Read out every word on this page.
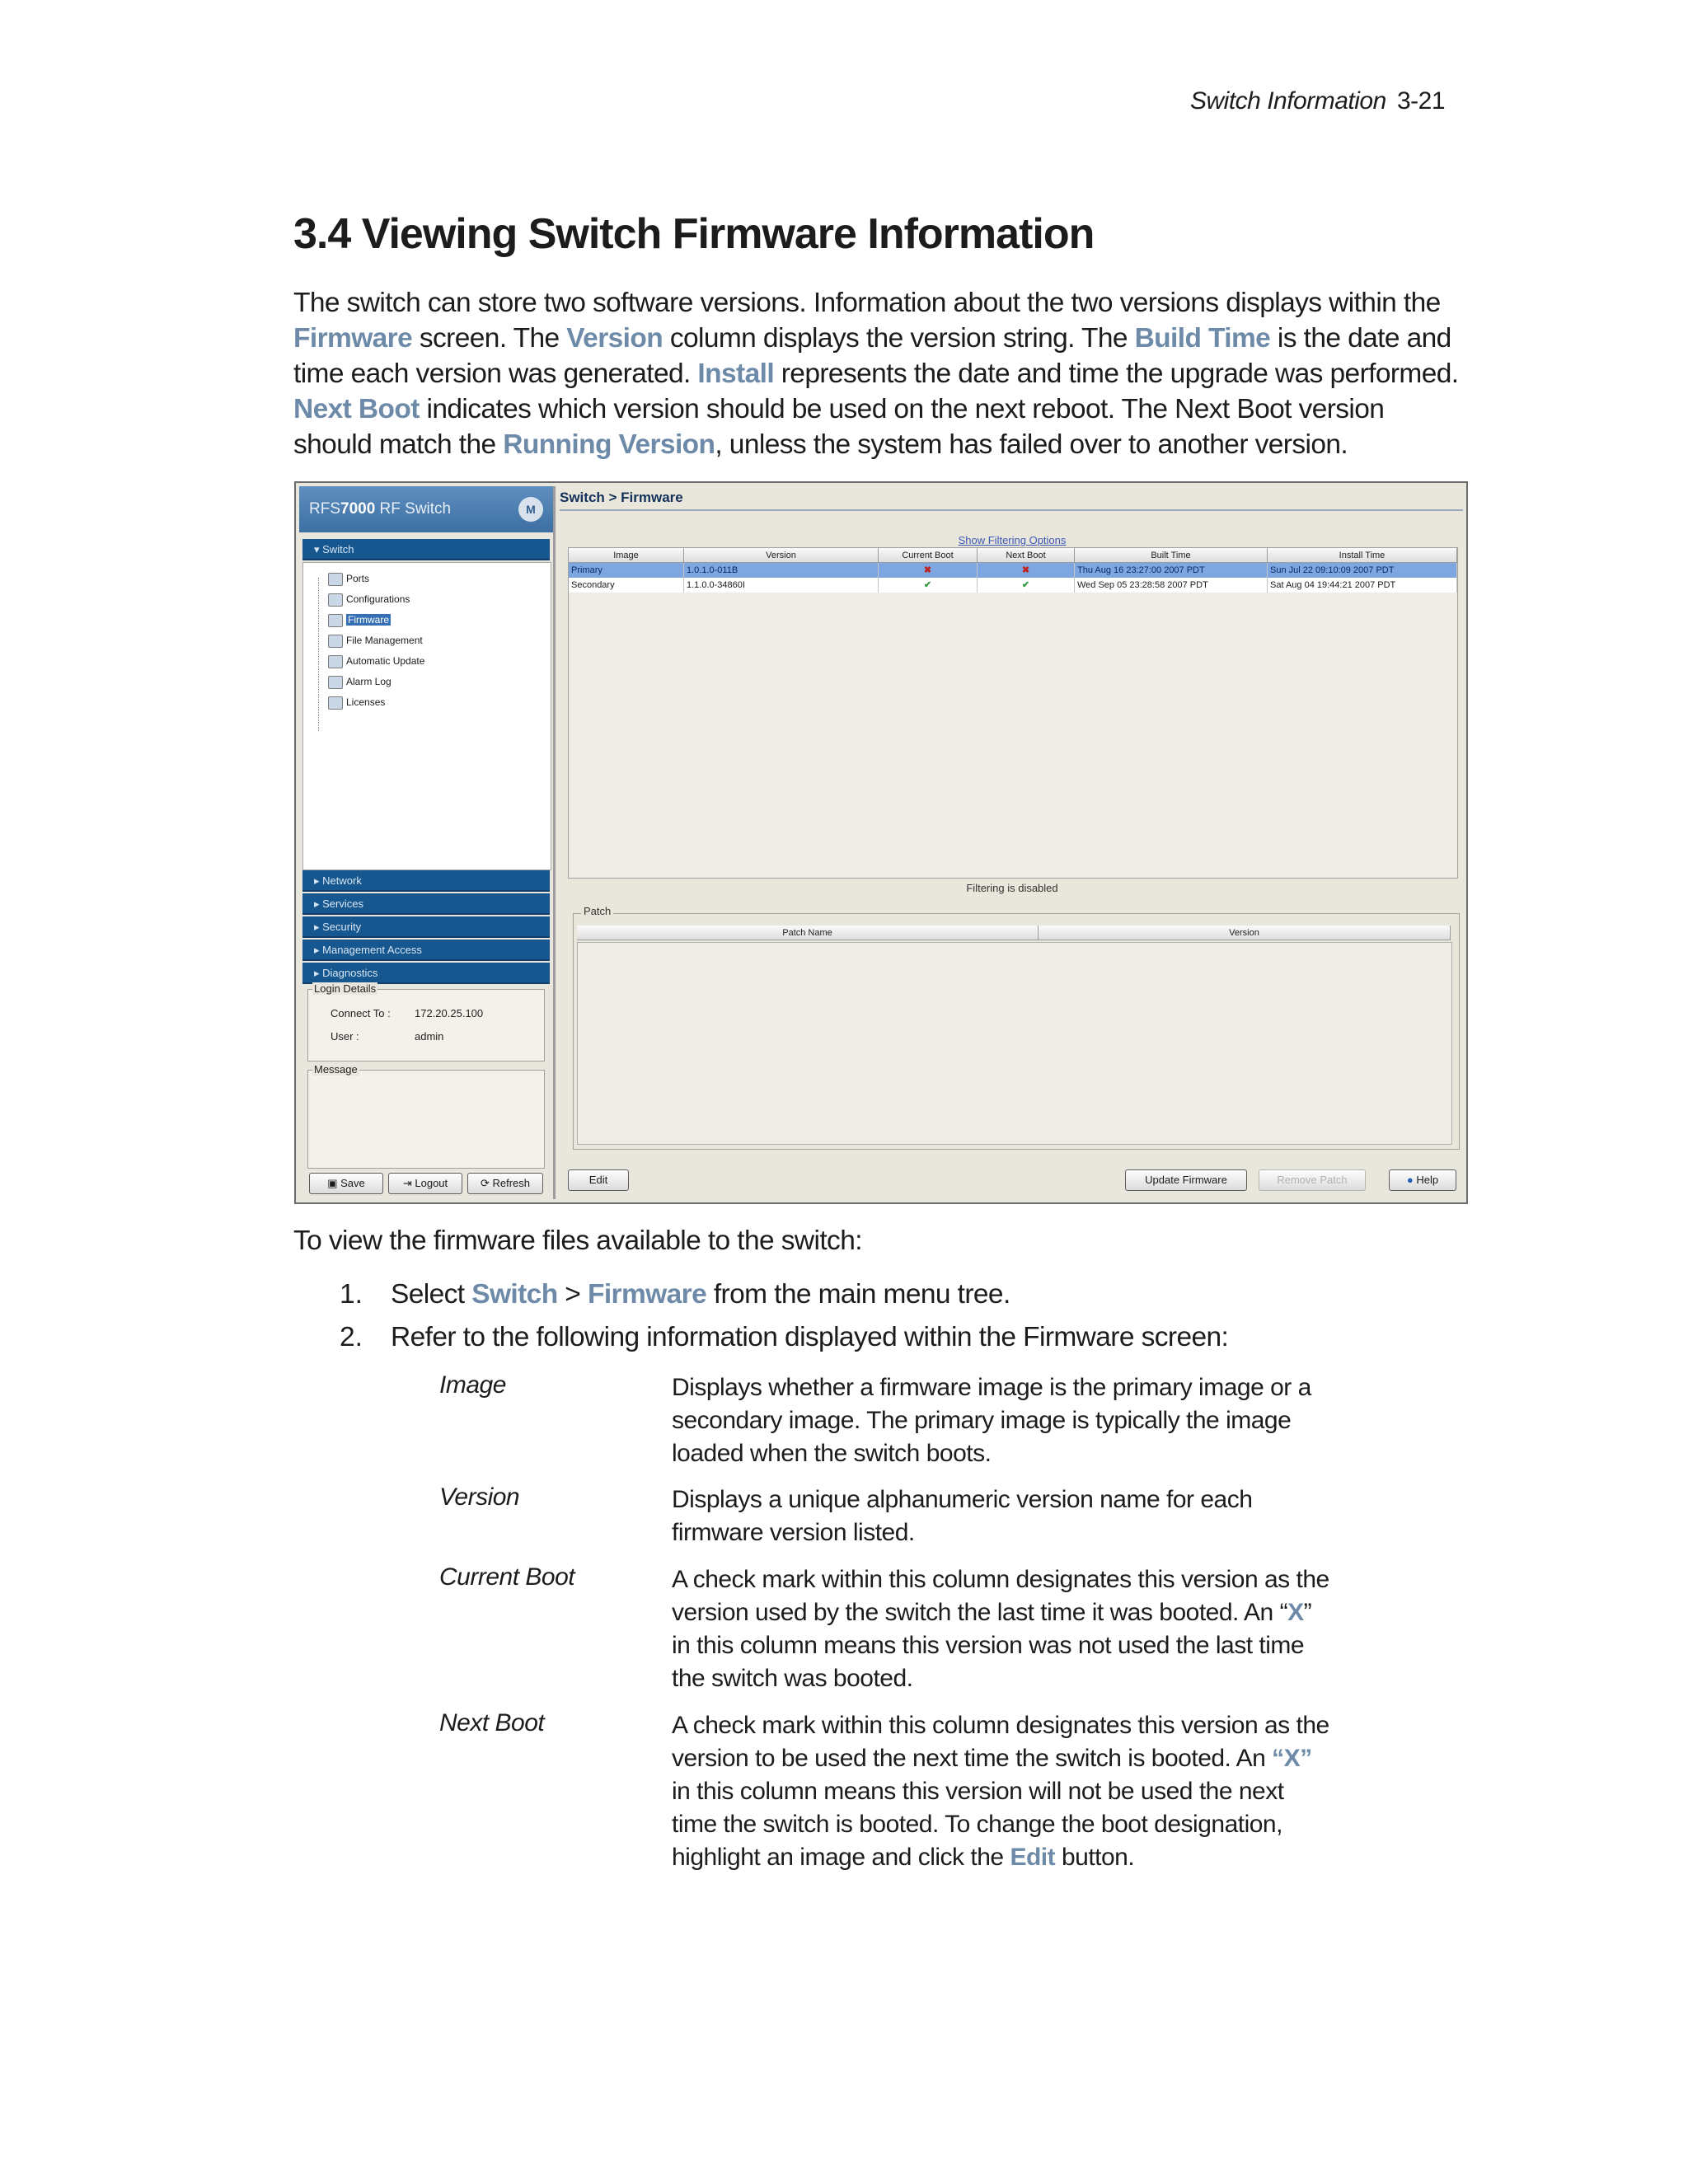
Switch Information 3-21
3.4 Viewing Switch Firmware Information

The switch can store two software versions. Information about the two versions displays within the Firmware screen. The Version column displays the version string. The Build Time is the date and time each version was generated. Install represents the date and time the upgrade was performed. Next Boot indicates which version should be used on the next reboot. The Next Boot version should match the Running Version, unless the system has failed over to another version.

RFS7000 RF Switch	M
▾ Switch
Ports
Configurations
Firmware
File Management
Automatic Update
Alarm Log
Licenses
▸ Network
▸ Services
▸ Security
▸ Management Access
▸ Diagnostics
Login Details
Connect To : 172.20.25.100
User :	admin
Message
▣ Save	⇥ Logout	⟳ Refresh
Switch > Firmware
Show Filtering Options
Image	Version	Current Boot	Next Boot	Built Time	Install Time
Primary	1.0.1.0-011B	✖	✖	Thu Aug 16 23:27:00 2007 PDT	Sun Jul 22 09:10:09 2007 PDT
Secondary	1.1.0.0-34860I	✔	✔	Wed Sep 05 23:28:58 2007 PDT	Sat Aug 04 19:44:21 2007 PDT
Filtering is disabled
Patch Name	Version
Patch
Edit	Update Firmware	Remove Patch	● Help
To view the firmware files available to the switch:
1. Select Switch > Firmware from the main menu tree.
2. Refer to the following information displayed within the Firmware screen:
Image	Displays whether a firmware image is the primary image or a secondary image. The primary image is typically the image loaded when the switch boots.
Version	Displays a unique alphanumeric version name for each firmware version listed.
Current Boot	A check mark within this column designates this version as the version used by the switch the last time it was booted. An “X” in this column means this version was not used the last time the switch was booted.
Next Boot	A check mark within this column designates this version as the version to be used the next time the switch is booted. An “X” in this column means this version will not be used the next time the switch is booted. To change the boot designation, highlight an image and click the Edit button.
